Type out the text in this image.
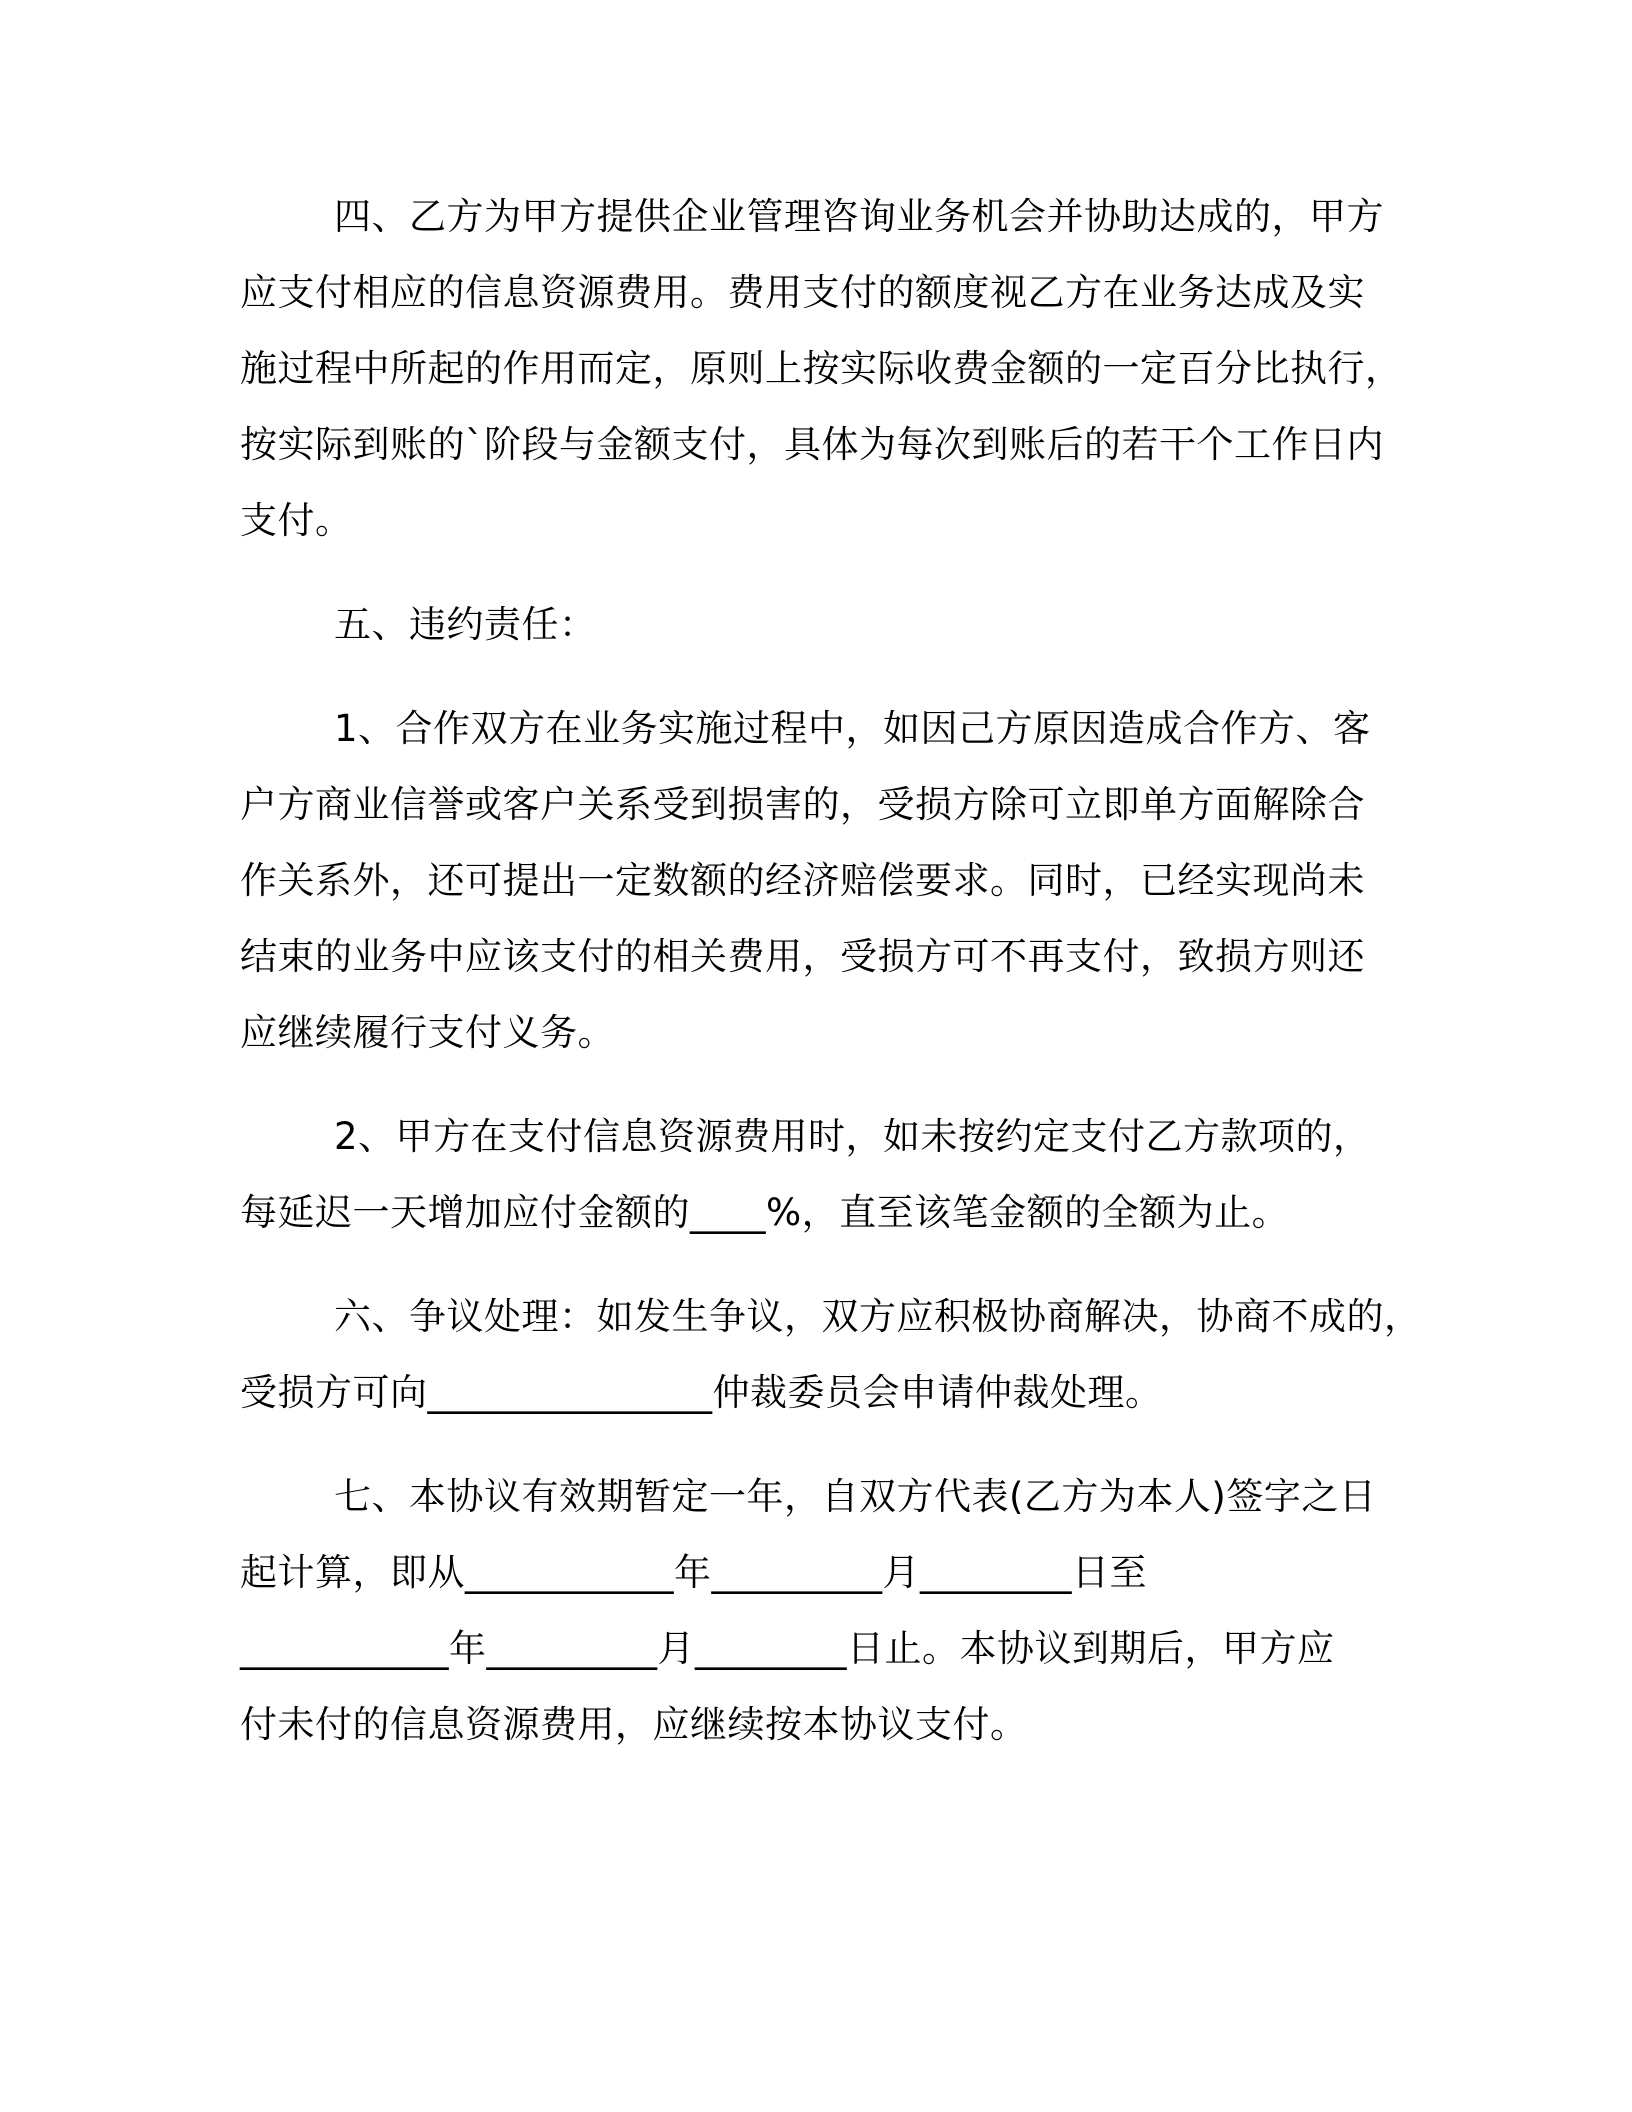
四、乙方为甲方提供企业管理咨询业务机会并协助达成的，甲方
应支付相应的信息资源费用。费用支付的额度视乙方在业务达成及实
施过程中所起的作用而定，原则上按实际收费金额的一定百分比执行，
按实际到账的`阶段与金额支付，具体为每次到账后的若干个工作日内
支付。
五、违约责任：
1、合作双方在业务实施过程中，如因己方原因造成合作方、客
户方商业信誉或客户关系受到损害的，受损方除可立即单方面解除合
作关系外，还可提出一定数额的经济赔偿要求。同时，已经实现尚未
结束的业务中应该支付的相关费用，受损方可不再支付，致损方则还
应继续履行支付义务。
2、甲方在支付信息资源费用时，如未按约定支付乙方款项的，
每延迟一天增加应付金额的____%，直至该笔金额的全额为止。
六、争议处理：如发生争议，双方应积极协商解决，协商不成的，
受损方可向_______________仲裁委员会申请仲裁处理。
七、本协议有效期暂定一年，自双方代表(乙方为本人)签字之日
起计算，即从___________年_________月________日至
___________年_________月________日止。本协议到期后，甲方应
付未付的信息资源费用，应继续按本协议支付。
